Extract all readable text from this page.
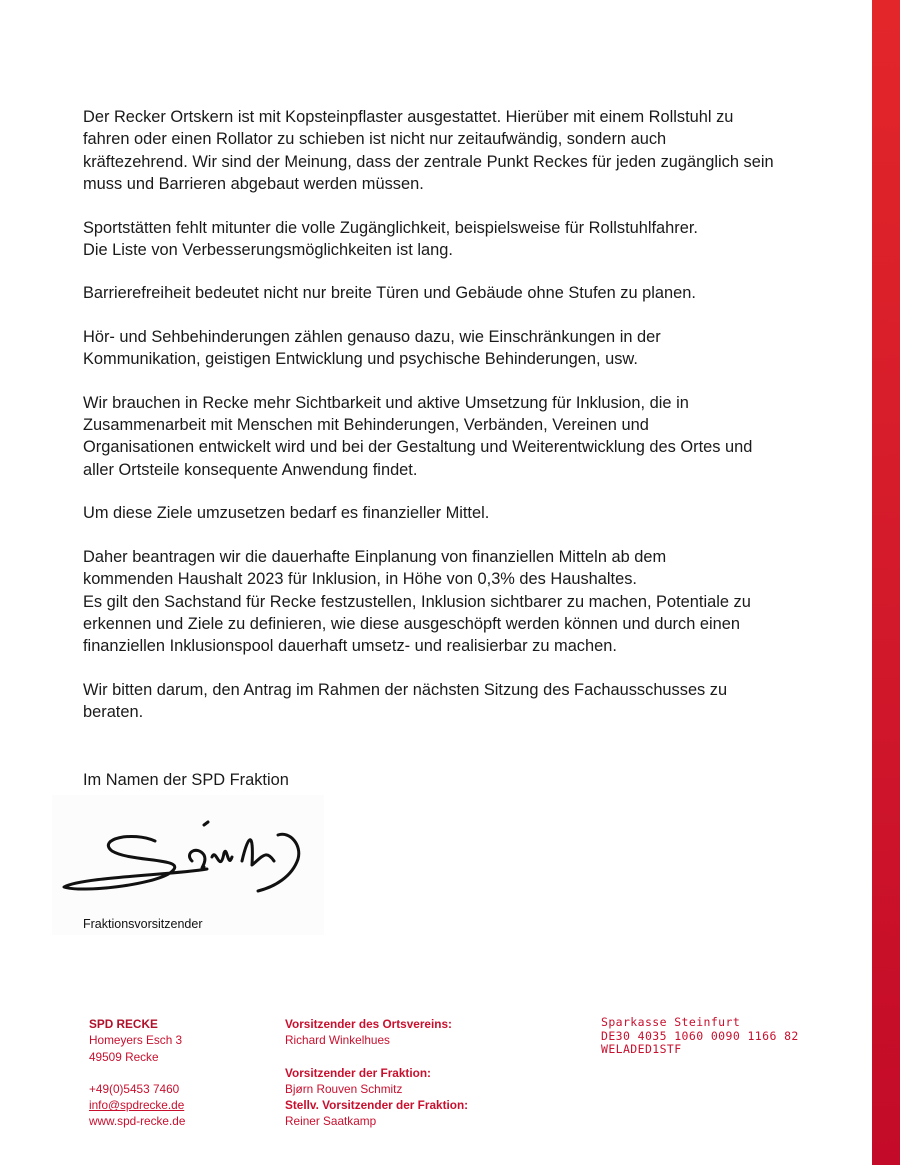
Der Recker Ortskern ist mit Kopsteinpflaster ausgestattet. Hierüber mit einem Rollstuhl zu
fahren oder einen Rollator zu schieben ist nicht nur zeitaufwändig, sondern auch
kräftezehrend. Wir sind der Meinung, dass der zentrale Punkt Reckes für jeden zugänglich sein
muss und Barrieren abgebaut werden müssen.

Sportstätten fehlt mitunter die volle Zugänglichkeit, beispielsweise für Rollstuhlfahrer.
Die Liste von Verbesserungsmöglichkeiten ist lang.

Barrierefreiheit bedeutet nicht nur breite Türen und Gebäude ohne Stufen zu planen.

Hör- und Sehbehinderungen zählen genauso dazu, wie Einschränkungen in der
Kommunikation, geistigen Entwicklung und psychische Behinderungen, usw.

Wir brauchen in Recke mehr Sichtbarkeit und aktive Umsetzung für Inklusion, die in
Zusammenarbeit mit Menschen mit Behinderungen, Verbänden, Vereinen und
Organisationen entwickelt wird und bei der Gestaltung und Weiterentwicklung des Ortes und
aller Ortsteile konsequente Anwendung findet.

Um diese Ziele umzusetzen bedarf es finanzieller Mittel.

Daher beantragen wir die dauerhafte Einplanung von finanziellen Mitteln ab dem
kommenden Haushalt 2023 für Inklusion, in Höhe von 0,3% des Haushaltes.
Es gilt den Sachstand für Recke festzustellen, Inklusion sichtbarer zu machen, Potentiale zu
erkennen und Ziele zu definieren, wie diese ausgeschöpft werden können und durch einen
finanziellen Inklusionspool dauerhaft umsetz- und realisierbar zu machen.

Wir bitten darum, den Antrag im Rahmen der nächsten Sitzung des Fachausschusses zu
beraten.

Im Namen der SPD Fraktion
Fraktionsvorsitzender
SPD RECKE
Homeyers Esch 3
49509 Recke
+49(0)5453 7460
info@spdrecke.de
www.spd-recke.de
Vorsitzender des Ortsvereins:
Richard Winkelhues
Vorsitzender der Fraktion:
Bjørn Rouven Schmitz
Stellv. Vorsitzender der Fraktion:
Reiner Saatkamp
Sparkasse Steinfurt
DE30 4035 1060 0090 1166 82
WELADED1STF
